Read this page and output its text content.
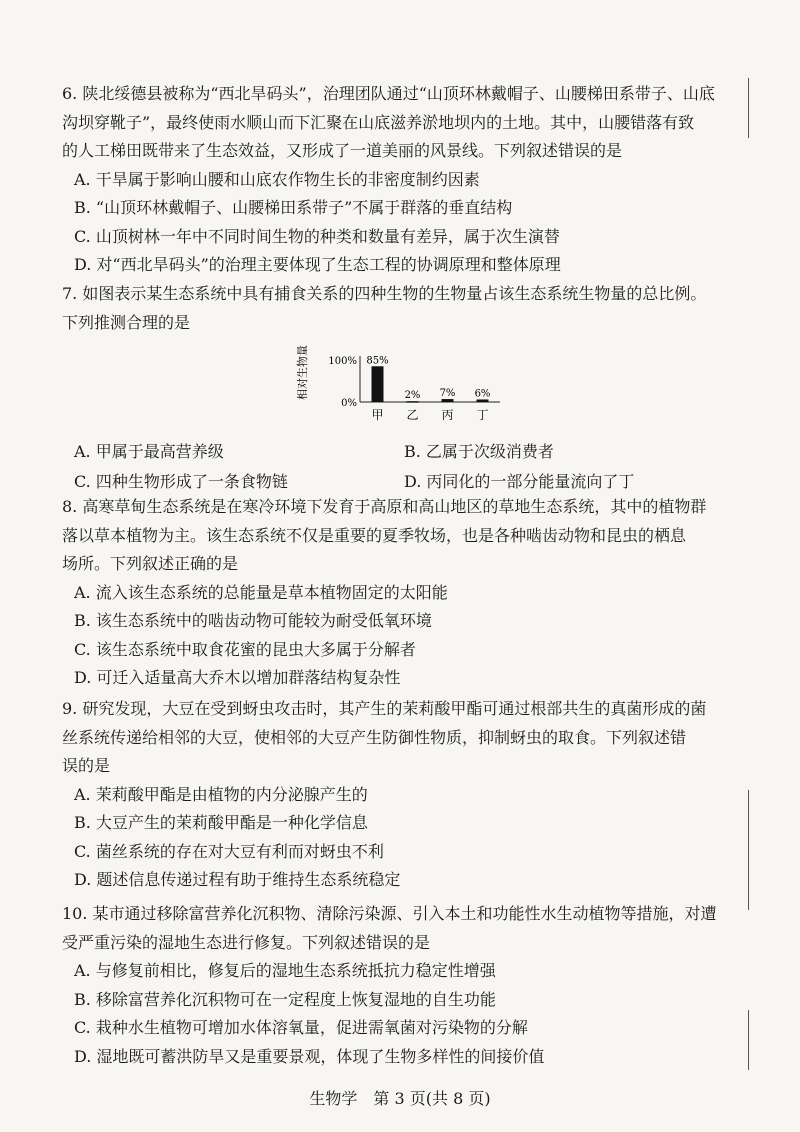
6. 陕北绥德县被称为“西北旱码头”，治理团队通过“山顶环林戴帽子、山腰梯田系带子、山底

沟坝穿靴子”，最终使雨水顺山而下汇聚在山底滋养淤地坝内的土地。其中，山腰错落有致

的人工梯田既带来了生态效益，又形成了一道美丽的风景线。下列叙述错误的是

A. 干旱属于影响山腰和山底农作物生长的非密度制约因素

B. “山顶环林戴帽子、山腰梯田系带子”不属于群落的垂直结构

C. 山顶树林一年中不同时间生物的种类和数量有差异，属于次生演替

D. 对“西北旱码头”的治理主要体现了生态工程的协调原理和整体原理

7. 如图表示某生态系统中具有捕食关系的四种生物的生物量占该生态系统生物量的总比例。

下列推测合理的是

A. 甲属于最高营养级	B. 乙属于次级消费者
C. 四种生物形成了一条食物链	D. 丙同化的一部分能量流向了丁
相对生物量 100%
0%
85%
甲
2%
乙
7%
丙
6%
丁

8. 高寒草甸生态系统是在寒冷环境下发育于高原和高山地区的草地生态系统，其中的植物群

落以草本植物为主。该生态系统不仅是重要的夏季牧场，也是各种啮齿动物和昆虫的栖息

场所。下列叙述正确的是

A. 流入该生态系统的总能量是草本植物固定的太阳能

B. 该生态系统中的啮齿动物可能较为耐受低氧环境

C. 该生态系统中取食花蜜的昆虫大多属于分解者

D. 可迁入适量高大乔木以增加群落结构复杂性

9. 研究发现，大豆在受到蚜虫攻击时，其产生的茉莉酸甲酯可通过根部共生的真菌形成的菌

丝系统传递给相邻的大豆，使相邻的大豆产生防御性物质，抑制蚜虫的取食。下列叙述错

误的是

A. 茉莉酸甲酯是由植物的内分泌腺产生的

B. 大豆产生的茉莉酸甲酯是一种化学信息

C. 菌丝系统的存在对大豆有利而对蚜虫不利

D. 题述信息传递过程有助于维持生态系统稳定

10. 某市通过移除富营养化沉积物、清除污染源、引入本土和功能性水生动植物等措施，对遭

受严重污染的湿地生态进行修复。下列叙述错误的是

A. 与修复前相比，修复后的湿地生态系统抵抗力稳定性增强

B. 移除富营养化沉积物可在一定程度上恢复湿地的自生功能

C. 栽种水生植物可增加水体溶氧量，促进需氧菌对污染物的分解

D. 湿地既可蓄洪防旱又是重要景观，体现了生物多样性的间接价值

生物学　第 3 页(共 8 页)
